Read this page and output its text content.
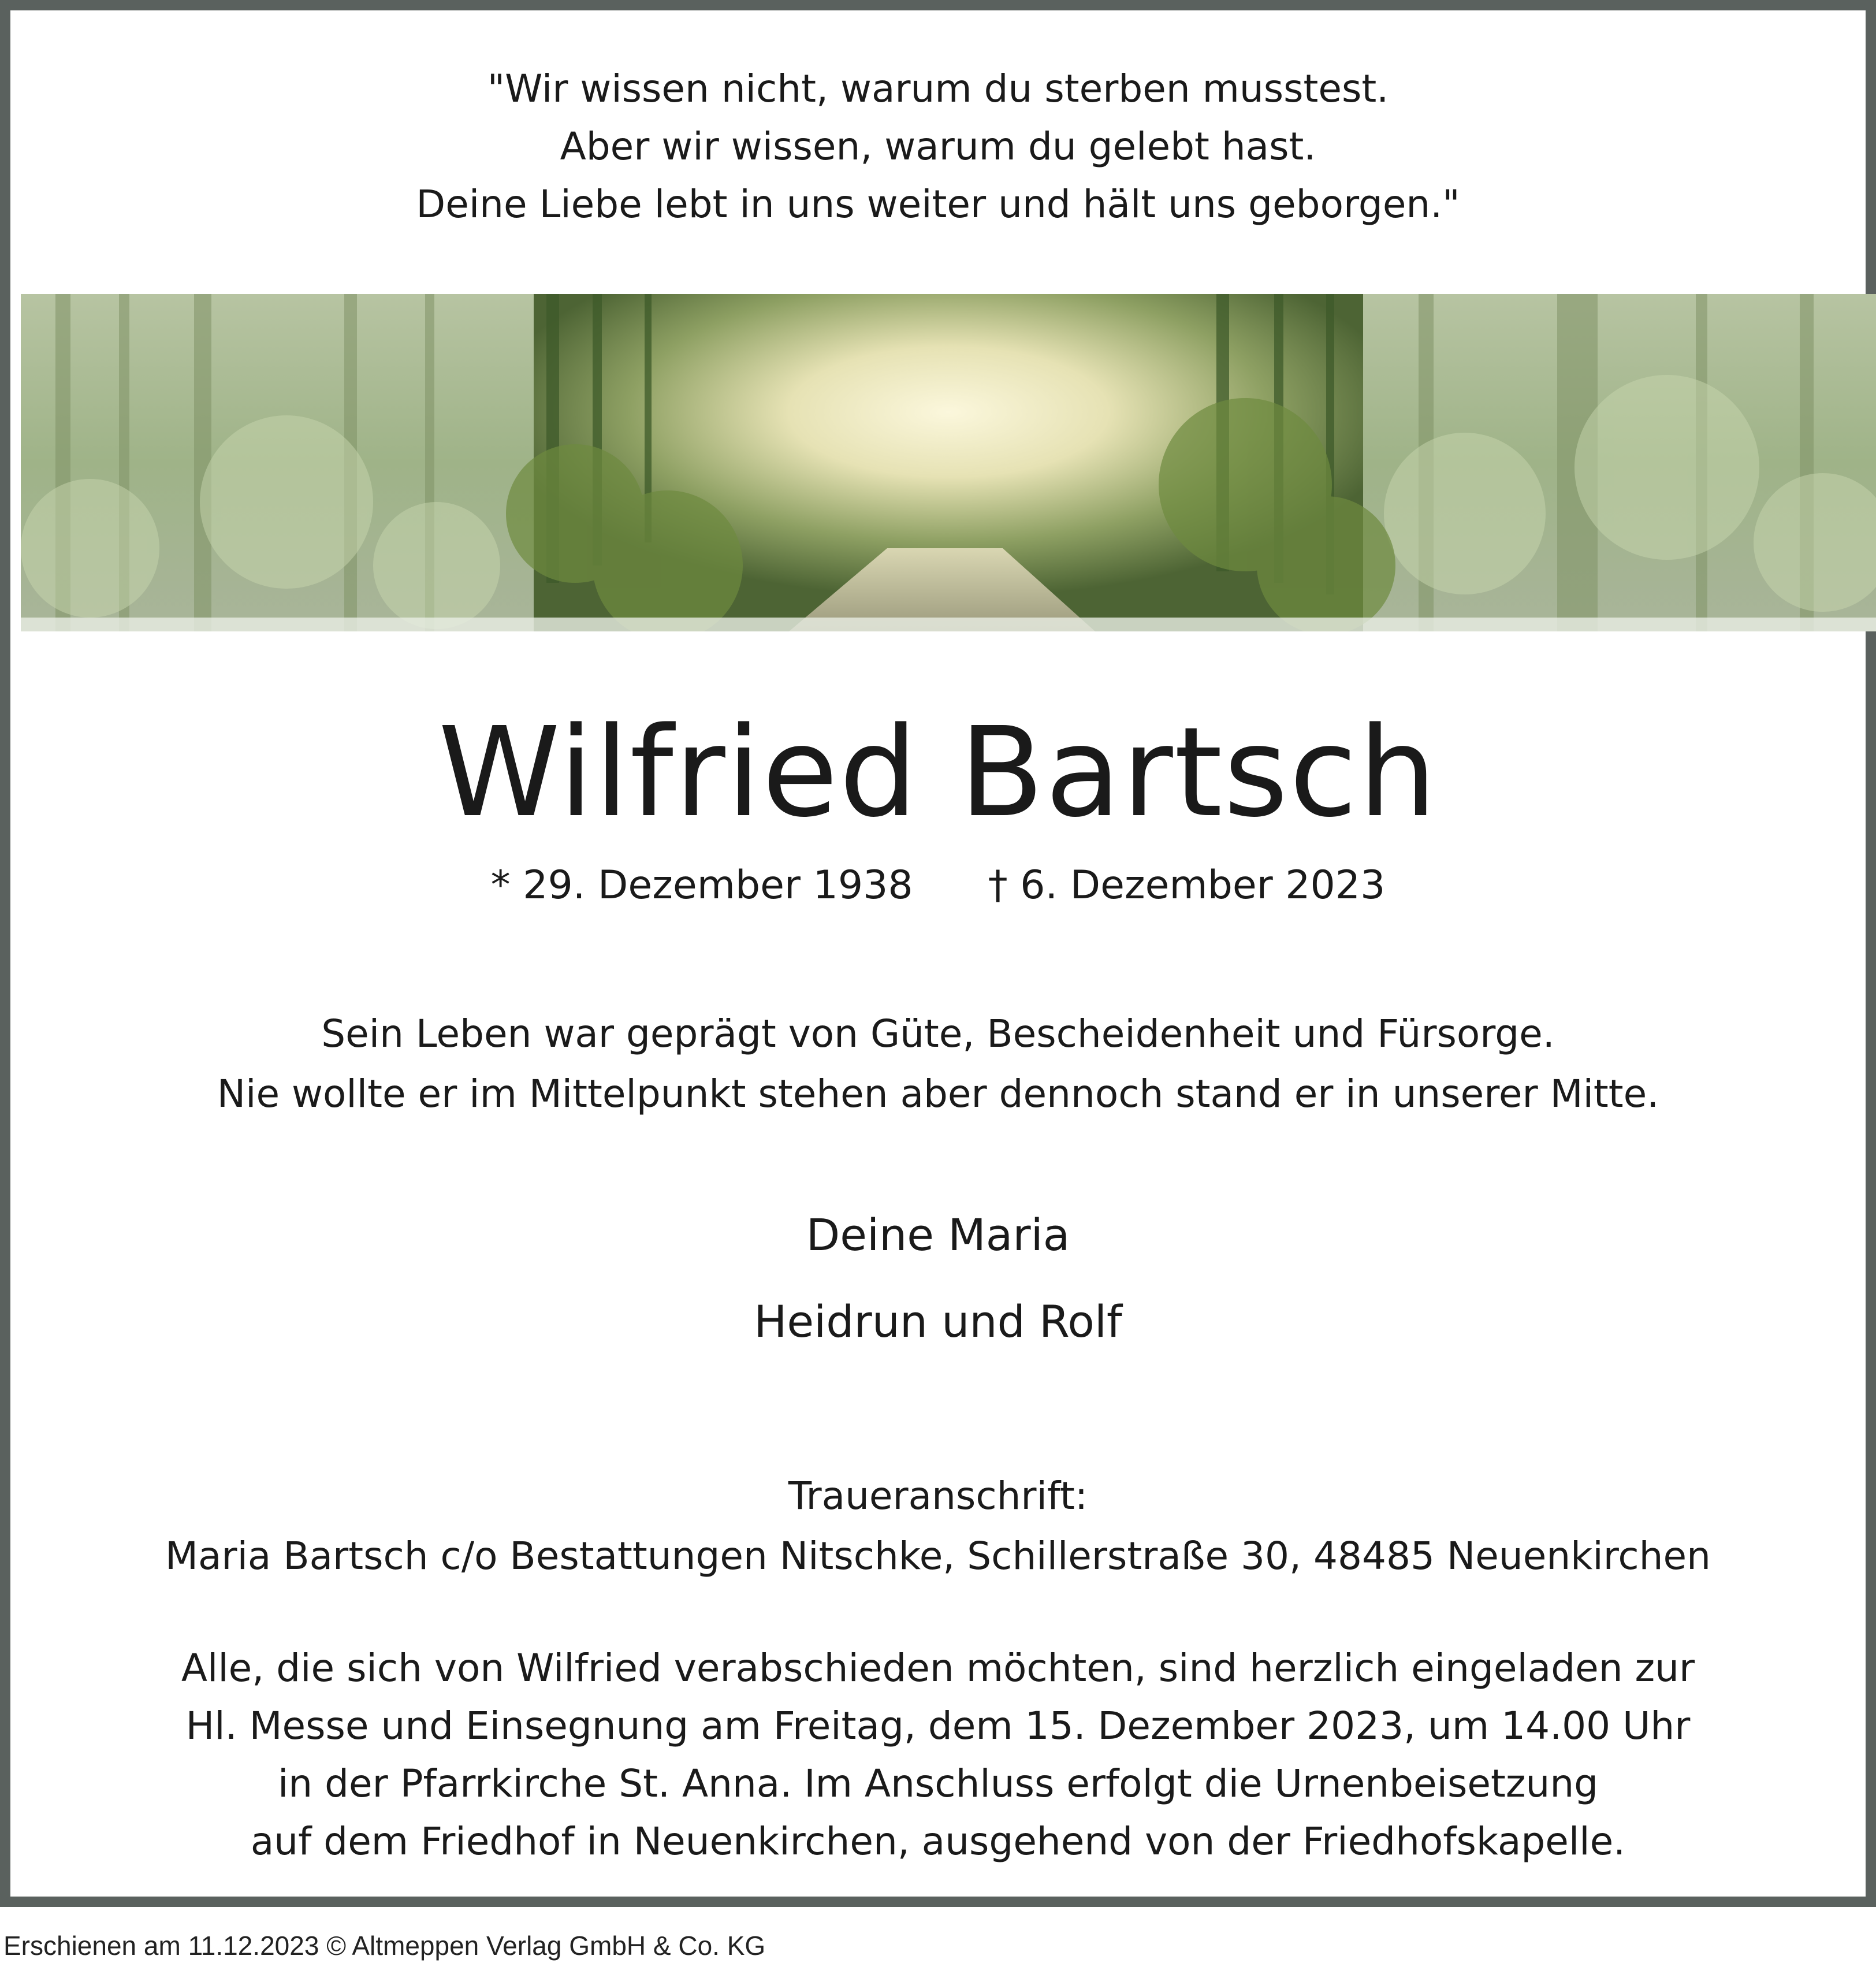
"Wir wissen nicht, warum du sterben musstest.
Aber wir wissen, warum du gelebt hast.
Deine Liebe lebt in uns weiter und hält uns geborgen."
Wilfried Bartsch
* 29. Dezember 1938 † 6. Dezember 2023
Sein Leben war geprägt von Güte, Bescheidenheit und Fürsorge.
Nie wollte er im Mittelpunkt stehen aber dennoch stand er in unserer Mitte.
Deine Maria
Heidrun und Rolf
Traueranschrift:
Maria Bartsch c/o Bestattungen Nitschke, Schillerstraße 30, 48485 Neuenkirchen
Alle, die sich von Wilfried verabschieden möchten, sind herzlich eingeladen zur
Hl. Messe und Einsegnung am Freitag, dem 15. Dezember 2023, um 14.00 Uhr
in der Pfarrkirche St. Anna. Im Anschluss erfolgt die Urnenbeisetzung
auf dem Friedhof in Neuenkirchen, ausgehend von der Friedhofskapelle.
Erschienen am 11.12.2023 © Altmeppen Verlag GmbH & Co. KG
